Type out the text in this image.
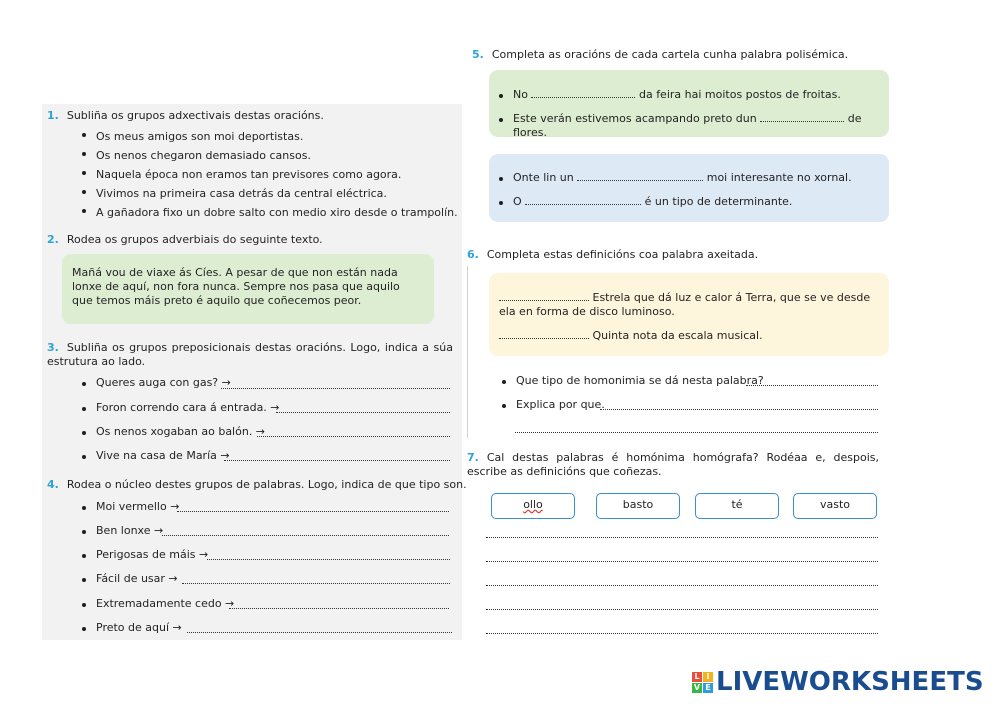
1. Subliña os grupos adxectivais destas oracións.
Os meus amigos son moi deportistas.
Os nenos chegaron demasiado cansos.
Naquela época non eramos tan previsores como agora.
Vivimos na primeira casa detrás da central eléctrica.
A gañadora fixo un dobre salto con medio xiro desde o trampolín.
2. Rodea os grupos adverbiais do seguinte texto.
Mañá vou de viaxe ás Cíes. A pesar de que non están nada lonxe de aquí, non fora nunca. Sempre nos pasa que aquilo que temos máis preto é aquilo que coñecemos peor.
3. Subliña os grupos preposicionais destas oracións. Logo, indica a súa estrutura ao lado.
Queres auga con gas? →
Foron correndo cara á entrada. →
Os nenos xogaban ao balón. →
Vive na casa de María →
4. Rodea o núcleo destes grupos de palabras. Logo, indica de que tipo son.
Moi vermello →
Ben lonxe →
Perigosas de máis →
Fácil de usar →
Extremadamente cedo →
Preto de aquí →
5. Completa as oracións de cada cartela cunha palabra polisémica.
No	da feira hai moitos postos de froitas.
Este verán estivemos acampando preto dun	de flores.
Onte lin un	moi interesante no xornal.
O	é un tipo de determinante.
6. Completa estas definicións coa palabra axeitada.
Estrela que dá luz e calor á Terra, que se ve desde ela en forma de disco luminoso.
Quinta nota da escala musical.
Que tipo de homonimia se dá nesta palabra?
Explica por que.
7. Cal destas palabras é homónima homógrafa? Rodéaa e, despois, escribe as definicións que coñezas.
ollo	basto	té	vasto
L I
V E LIVEWORKSHEETS
